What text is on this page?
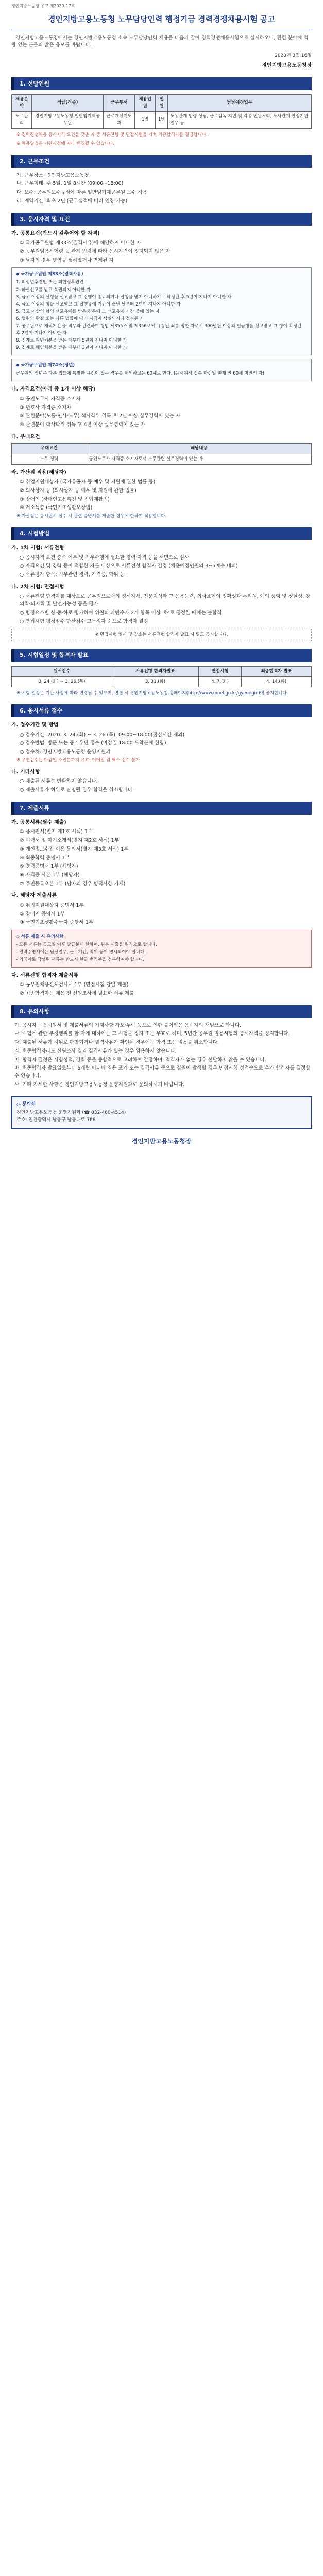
경인지방노동청 공고 제2020-17호
경인지방고용노동청 노무담당인력 행정기금 경력경쟁채용시험 공고
경인지방고용노동청에서는 경인지방고용노동청 소속 노무담당인력 채용을 다음과 같이 경력경쟁채용시험으로 실시하오니, 관련 분야에 역량 있는 분들의 많은 응모를 바랍니다.
2020년 3월 16일
경인지방고용노동청장
1. 선발인원
채용분야	직급(직종)	근무부서	채용인원	인원	담당예정업무
노무관리	경인지방고용노동청 일반임기제공무원	근로개선지도과	1명	1명	노동관계 법령 상담, 근로감독 지원 및 각종 민원처리, 노사관계 안정지원 업무 등
※ 경력경쟁채용 응시자격 요건을 갖춘 자 중 서류전형 및 면접시험을 거쳐 최종합격자를 결정합니다.
※ 채용일정은 기관사정에 따라 변경될 수 있습니다.
2. 근무조건
가. 근무장소: 경인지방고용노동청
나. 근무형태: 주 5일, 1일 8시간 (09:00~18:00)
다. 보수: 공무원보수규정에 따른 일반임기제공무원 보수 적용
라. 계약기간: 최초 2년 (근무실적에 따라 연장 가능)
3. 응시자격 및 요건
가. 공통요건(반드시 갖추어야 할 자격)
① 국가공무원법 제33조(결격사유)에 해당하지 아니한 자
② 공무원임용시험령 등 관계 법령에 따라 응시자격이 정지되지 않은 자
③ 남자의 경우 병역을 필하였거나 면제된 자
◆ 국가공무원법 제33조(결격사유)
1. 피성년후견인 또는 피한정후견인
2. 파산선고를 받고 복권되지 아니한 자
3. 금고 이상의 실형을 선고받고 그 집행이 종료되거나 집행을 받지 아니하기로 확정된 후 5년이 지나지 아니한 자
4. 금고 이상의 형을 선고받고 그 집행유예 기간이 끝난 날부터 2년이 지나지 아니한 자
5. 금고 이상의 형의 선고유예를 받은 경우에 그 선고유예 기간 중에 있는 자
6. 법원의 판결 또는 다른 법률에 따라 자격이 상실되거나 정지된 자
7. 공무원으로 재직기간 중 직무와 관련하여 형법 제355조 및 제356조에 규정된 죄를 범한 자로서 300만원 이상의 벌금형을 선고받고 그 형이 확정된 후 2년이 지나지 아니한 자
8. 징계로 파면처분을 받은 때부터 5년이 지나지 아니한 자
9. 징계로 해임처분을 받은 때부터 3년이 지나지 아니한 자
◆ 국가공무원법 제74조(정년)
공무원의 정년은 다른 법률에 특별한 규정이 있는 경우를 제외하고는 60세로 한다. (응시원서 접수 마감일 현재 만 60세 미만인 자)
나. 자격요건(아래 중 1개 이상 해당)
① 공인노무사 자격증 소지자
② 변호사 자격증 소지자
③ 관련분야(노동·인사·노무) 석사학위 취득 후 2년 이상 실무경력이 있는 자
④ 관련분야 학사학위 취득 후 4년 이상 실무경력이 있는 자
다. 우대요건
우대요건	해당내용
노무 경력	공인노무사 자격증 소지자로서 노무관련 실무경력이 있는 자
라. 가산점 적용(해당자)
① 취업지원대상자 (국가유공자 등 예우 및 지원에 관한 법률 등)
② 의사상자 등 (의사상자 등 예우 및 지원에 관한 법률)
③ 장애인 (장애인고용촉진 및 직업재활법)
④ 저소득층 (국민기초생활보장법)
※ 가산점은 응시원서 접수 시 관련 증명서를 제출한 경우에 한하여 적용합니다.
4. 시험방법
가. 1차 시험: 서류전형
○ 응시자격 요건 충족 여부 및 직무수행에 필요한 경력·자격 등을 서면으로 심사
○ 자격요건 및 경력 등이 적합한 자를 대상으로 서류전형 합격자 결정 (채용예정인원의 3~5배수 내외)
○ 서류평가 항목: 직무관련 경력, 자격증, 학위 등
나. 2차 시험: 면접시험
○ 서류전형 합격자를 대상으로 공무원으로서의 정신자세, 전문지식과 그 응용능력, 의사표현의 정확성과 논리성, 예의·품행 및 성실성, 창의력·의지력 및 발전가능성 등을 평가
○ 평정요소별 상·중·하로 평가하여 위원의 과반수가 2개 항목 이상 '하'로 평정한 때에는 불합격
○ 면접시험 평정점수 합산점수 고득점자 순으로 합격자 결정
※ 면접시험 일시 및 장소는 서류전형 합격자 발표 시 별도 공지합니다.
5. 시험일정 및 합격자 발표
원서접수	서류전형 합격자발표	면접시험	최종합격자 발표
3. 24.(화) ~ 3. 26.(목)	3. 31.(화)	4. 7.(화)	4. 14.(화)
※ 시험 일정은 기관 사정에 따라 변경될 수 있으며, 변경 시 경인지방고용노동청 홈페이지(http://www.moel.go.kr/gyeongin)에 공지합니다.
6. 응시서류 접수
가. 접수기간 및 방법
○ 접수기간: 2020. 3. 24.(화) ~ 3. 26.(목), 09:00~18:00(점심시간 제외)
○ 접수방법: 방문 또는 등기우편 접수 (마감일 18:00 도착분에 한함)
○ 접수처: 경인지방고용노동청 운영지원과
※ 우편접수는 마감일 소인분까지 유효, 이메일 및 팩스 접수 불가
나. 기타사항
○ 제출된 서류는 반환하지 않습니다.
○ 제출서류가 허위로 판명될 경우 합격을 취소합니다.
7. 제출서류
가. 공통서류(필수 제출)
① 응시원서(별지 제1호 서식) 1부
② 이력서 및 자기소개서(별지 제2호 서식) 1부
③ 개인정보수집·이용 동의서(별지 제3호 서식) 1부
④ 최종학력 증명서 1부
⑤ 경력증명서 1부 (해당자)
⑥ 자격증 사본 1부 (해당자)
⑦ 주민등록초본 1부 (남자의 경우 병적사항 기재)
나. 해당자 제출서류
① 취업지원대상자 증명서 1부
② 장애인 증명서 1부
③ 국민기초생활수급자 증명서 1부
◇ 서류 제출 시 유의사항
- 모든 서류는 공고일 이후 발급분에 한하며, 원본 제출을 원칙으로 합니다.
- 경력증명서에는 담당업무, 근무기간, 직위 등이 명시되어야 합니다.
- 외국어로 작성된 서류는 반드시 한글 번역본을 첨부하여야 합니다.
다. 서류전형 합격자 제출서류
① 공무원채용신체검사서 1부 (면접시험 당일 제출)
② 최종합격자는 채용 전 신원조사에 필요한 서류 제출
8. 유의사항
가. 응시자는 응시원서 및 제출서류의 기재사항 착오·누락 등으로 인한 불이익은 응시자의 책임으로 합니다.
나. 시험에 관한 부정행위를 한 자에 대하여는 그 시험을 정지 또는 무효로 하며, 5년간 공무원 임용시험의 응시자격을 정지합니다.
다. 제출된 서류가 허위로 판명되거나 결격사유가 확인된 경우에는 합격 또는 임용을 취소합니다.
라. 최종합격자라도 신원조사 결과 결격사유가 있는 경우 임용하지 않습니다.
마. 합격자 결정은 시험성적, 경력 등을 종합적으로 고려하여 결정하며, 적격자가 없는 경우 선발하지 않을 수 있습니다.
바. 최종합격자 발표일로부터 6개월 이내에 임용 포기 또는 결격사유 등으로 결원이 발생할 경우 면접시험 성적순으로 추가 합격자를 결정할 수 있습니다.
사. 기타 자세한 사항은 경인지방고용노동청 운영지원과로 문의하시기 바랍니다.
◎ 문의처
경인지방고용노동청 운영지원과 (☎ 032-460-4514)
주소: 인천광역시 남동구 남동대로 766
경인지방고용노동청장
